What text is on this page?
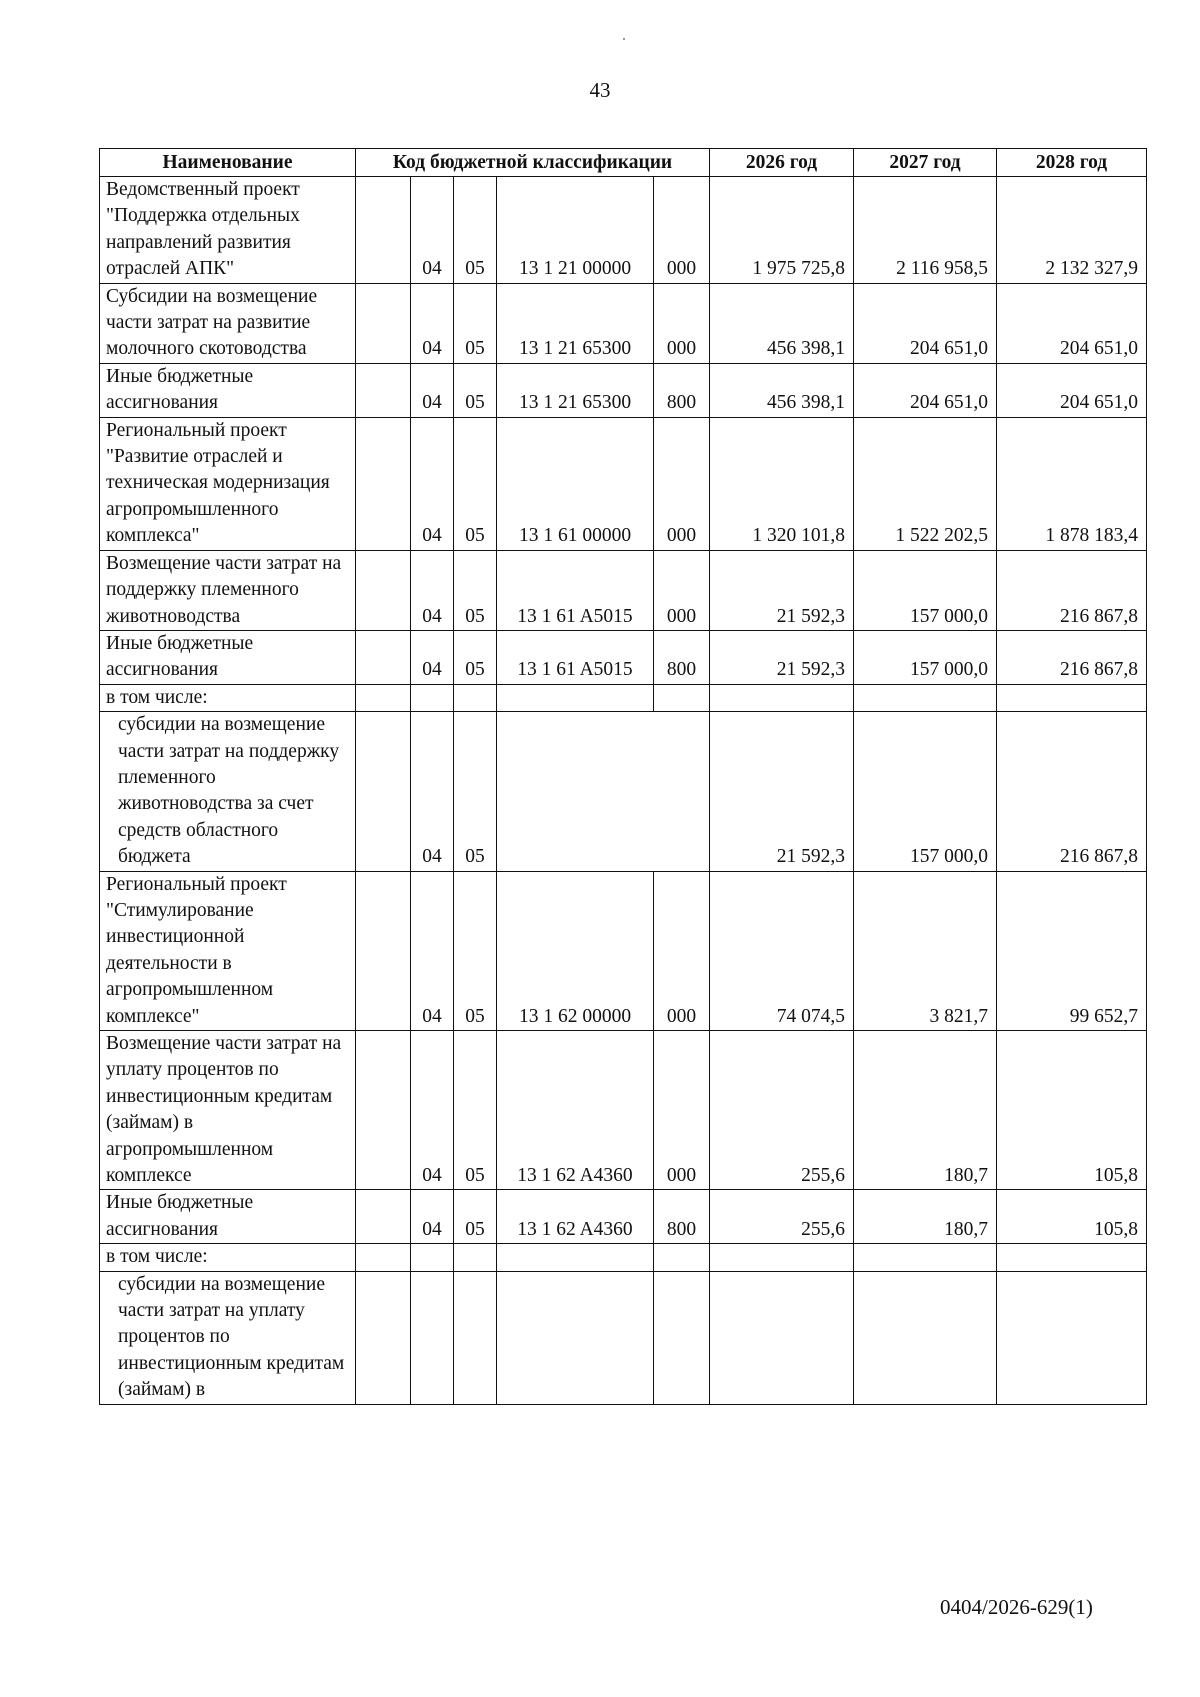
43
Наименование	Код бюджетной классификации					2026 год	2027 год	2028 год
Ведомственный проект "Поддержка отдельных направлений развития отраслей АПК"		04	05	13 1 21 00000	000	1 975 725,8	2 116 958,5	2 132 327,9
Субсидии на возмещение части затрат на развитие молочного скотоводства		04	05	13 1 21 65300	000	456 398,1	204 651,0	204 651,0
Иные бюджетные ассигнования		04	05	13 1 21 65300	800	456 398,1	204 651,0	204 651,0
Региональный проект "Развитие отраслей и техническая модернизация агропромышленного комплекса"		04	05	13 1 61 00000	000	1 320 101,8	1 522 202,5	1 878 183,4
Возмещение части затрат на поддержку племенного животноводства		04	05	13 1 61 A5015	000	21 592,3	157 000,0	216 867,8
Иные бюджетные ассигнования		04	05	13 1 61 A5015	800	21 592,3	157 000,0	216 867,8
в том числе:								
субсидии на возмещение части затрат на поддержку племенного животноводства за счет средств областного бюджета		04	05			21 592,3	157 000,0	216 867,8
Региональный проект "Стимулирование инвестиционной деятельности в агропромышленном комплексе"		04	05	13 1 62 00000	000	74 074,5	3 821,7	99 652,7
Возмещение части затрат на уплату процентов по инвестиционным кредитам (займам) в агропромышленном комплексе		04	05	13 1 62 A4360	000	255,6	180,7	105,8
Иные бюджетные ассигнования		04	05	13 1 62 A4360	800	255,6	180,7	105,8
в том числе:								
субсидии на возмещение части затрат на уплату процентов по инвестиционным кредитам (займам) в								
0404/2026-629(1)
